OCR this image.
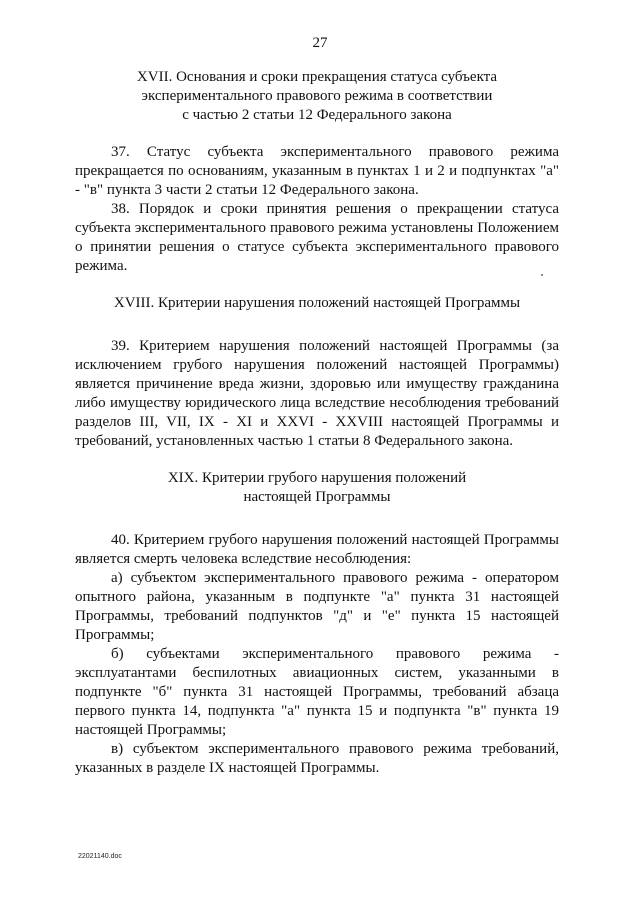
27
XVII. Основания и сроки прекращения статуса субъекта
экспериментального правового режима в соответствии
с частью 2 статьи 12 Федерального закона

37. Статус субъекта экспериментального правового режима прекращается по основаниям, указанным в пунктах 1 и 2 и подпунктах "а" - "в" пункта 3 части 2 статьи 12 Федерального закона.

38. Порядок и сроки принятия решения о прекращении статуса субъекта экспериментального правового режима установлены Положением о принятии решения о статусе субъекта экспериментального правового режима.

XVIII. Критерии нарушения положений настоящей Программы

39. Критерием нарушения положений настоящей Программы (за исключением грубого нарушения положений настоящей Программы) является причинение вреда жизни, здоровью или имуществу гражданина либо имуществу юридического лица вследствие несоблюдения требований разделов III, VII, IX - XI и XXVI - XXVIII настоящей Программы и требований, установленных частью 1 статьи 8 Федерального закона.

XIX. Критерии грубого нарушения положений
настоящей Программы

40. Критерием грубого нарушения положений настоящей Программы является смерть человека вследствие несоблюдения:

а) субъектом экспериментального правового режима - оператором опытного района, указанным в подпункте "а" пункта 31 настоящей Программы, требований подпунктов "д" и "е" пункта 15 настоящей Программы;

б) субъектами экспериментального правового режима - эксплуатантами беспилотных авиационных систем, указанными в подпункте "б" пункта 31 настоящей Программы, требований абзаца первого пункта 14, подпункта "а" пункта 15 и подпункта "в" пункта 19 настоящей Программы;

в) субъектом экспериментального правового режима требований, указанных в разделе IX настоящей Программы.

22021140.doc
